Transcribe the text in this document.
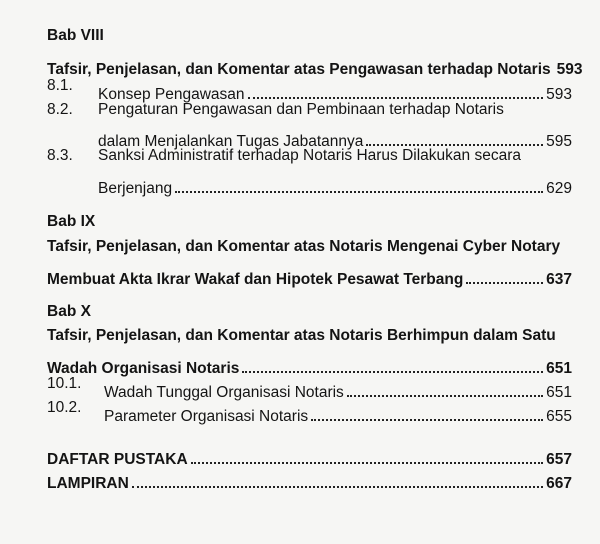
Bab VIII
Tafsir, Penjelasan, dan Komentar atas Pengawasan terhadap Notaris 593
8.1.
Konsep Pengawasan	593
8.2. Pengaturan Pengawasan dan Pembinaan terhadap Notaris
dalam Menjalankan Tugas Jabatannya	595
8.3. Sanksi Administratif terhadap Notaris Harus Dilakukan secara
Berjenjang	629
Bab IX
Tafsir, Penjelasan, dan Komentar atas Notaris Mengenai Cyber Notary
Membuat Akta Ikrar Wakaf dan Hipotek Pesawat Terbang	637
Bab X
Tafsir, Penjelasan, dan Komentar atas Notaris Berhimpun dalam Satu
Wadah Organisasi Notaris	651
10.1.
Wadah Tunggal Organisasi Notaris	651
10.2.
Parameter Organisasi Notaris	655
DAFTAR PUSTAKA	657
LAMPIRAN	667
